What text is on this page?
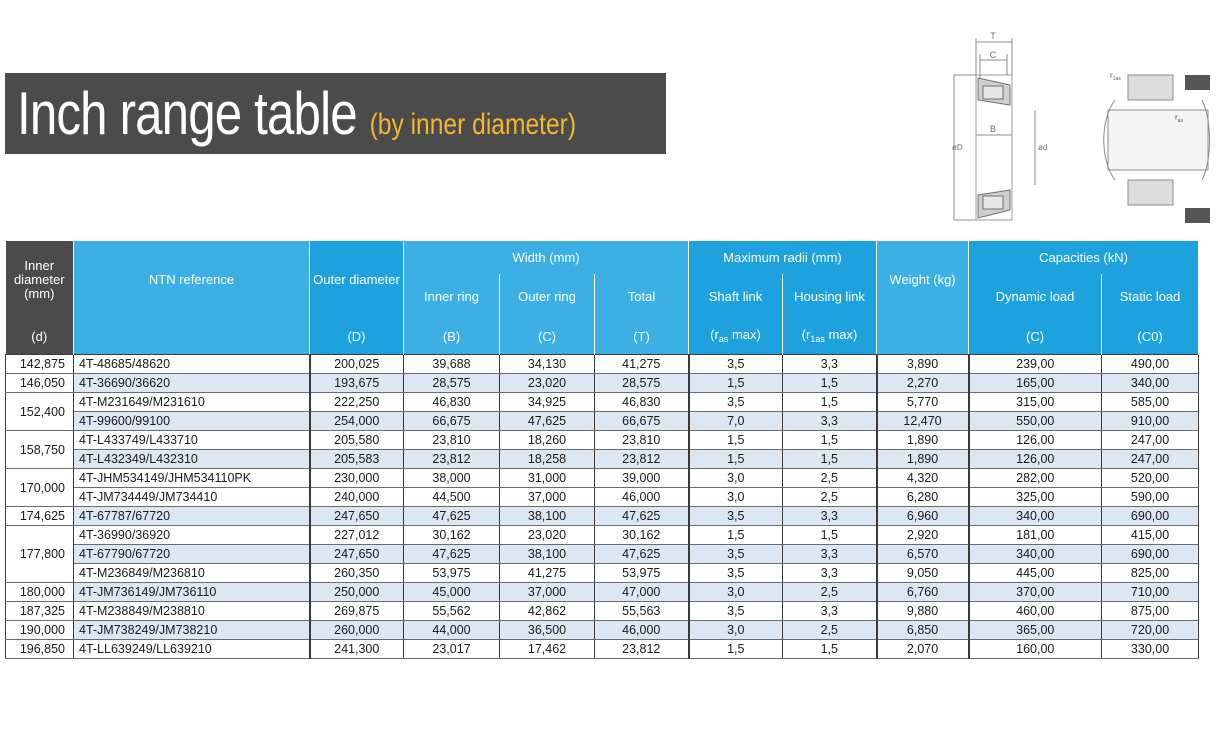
Inch range table (by inner diameter)
T
C
B
øD	ød
$r_{1as}$
$r_{as}$
Inner diameter (mm)	NTN reference	Outer diameter	Width (mm)			Maximum radii (mm)		Weight (kg)	Capacities (kN)	
			Inner ring	Outer ring	Total	Shaft link	Housing link		Dynamic load	Static load
(d)		(D)	(B)	(C)	(T)	($r_{as}$ max)	($r_{1as}$ max)		(C)	(C0)
142,875	4T-48685/48620	200,025	39,688	34,130	41,275	3,5	3,3	3,890	239,00	490,00
146,050	4T-36690/36620	193,675	28,575	23,020	28,575	1,5	1,5	2,270	165,00	340,00
152,400	4T-M231649/M231610	222,250	46,830	34,925	46,830	3,5	1,5	5,770	315,00	585,00
	4T-99600/99100	254,000	66,675	47,625	66,675	7,0	3,3	12,470	550,00	910,00
158,750	4T-L433749/L433710	205,580	23,810	18,260	23,810	1,5	1,5	1,890	126,00	247,00
	4T-L432349/L432310	205,583	23,812	18,258	23,812	1,5	1,5	1,890	126,00	247,00
170,000	4T-JHM534149/JHM534110PK	230,000	38,000	31,000	39,000	3,0	2,5	4,320	282,00	520,00
	4T-JM734449/JM734410	240,000	44,500	37,000	46,000	3,0	2,5	6,280	325,00	590,00
174,625	4T-67787/67720	247,650	47,625	38,100	47,625	3,5	3,3	6,960	340,00	690,00
177,800	4T-36990/36920	227,012	30,162	23,020	30,162	1,5	1,5	2,920	181,00	415,00
	4T-67790/67720	247,650	47,625	38,100	47,625	3,5	3,3	6,570	340,00	690,00
	4T-M236849/M236810	260,350	53,975	41,275	53,975	3,5	3,3	9,050	445,00	825,00
180,000	4T-JM736149/JM736110	250,000	45,000	37,000	47,000	3,0	2,5	6,760	370,00	710,00
187,325	4T-M238849/M238810	269,875	55,562	42,862	55,563	3,5	3,3	9,880	460,00	875,00
190,000	4T-JM738249/JM738210	260,000	44,000	36,500	46,000	3,0	2,5	6,850	365,00	720,00
196,850	4T-LL639249/LL639210	241,300	23,017	17,462	23,812	1,5	1,5	2,070	160,00	330,00
